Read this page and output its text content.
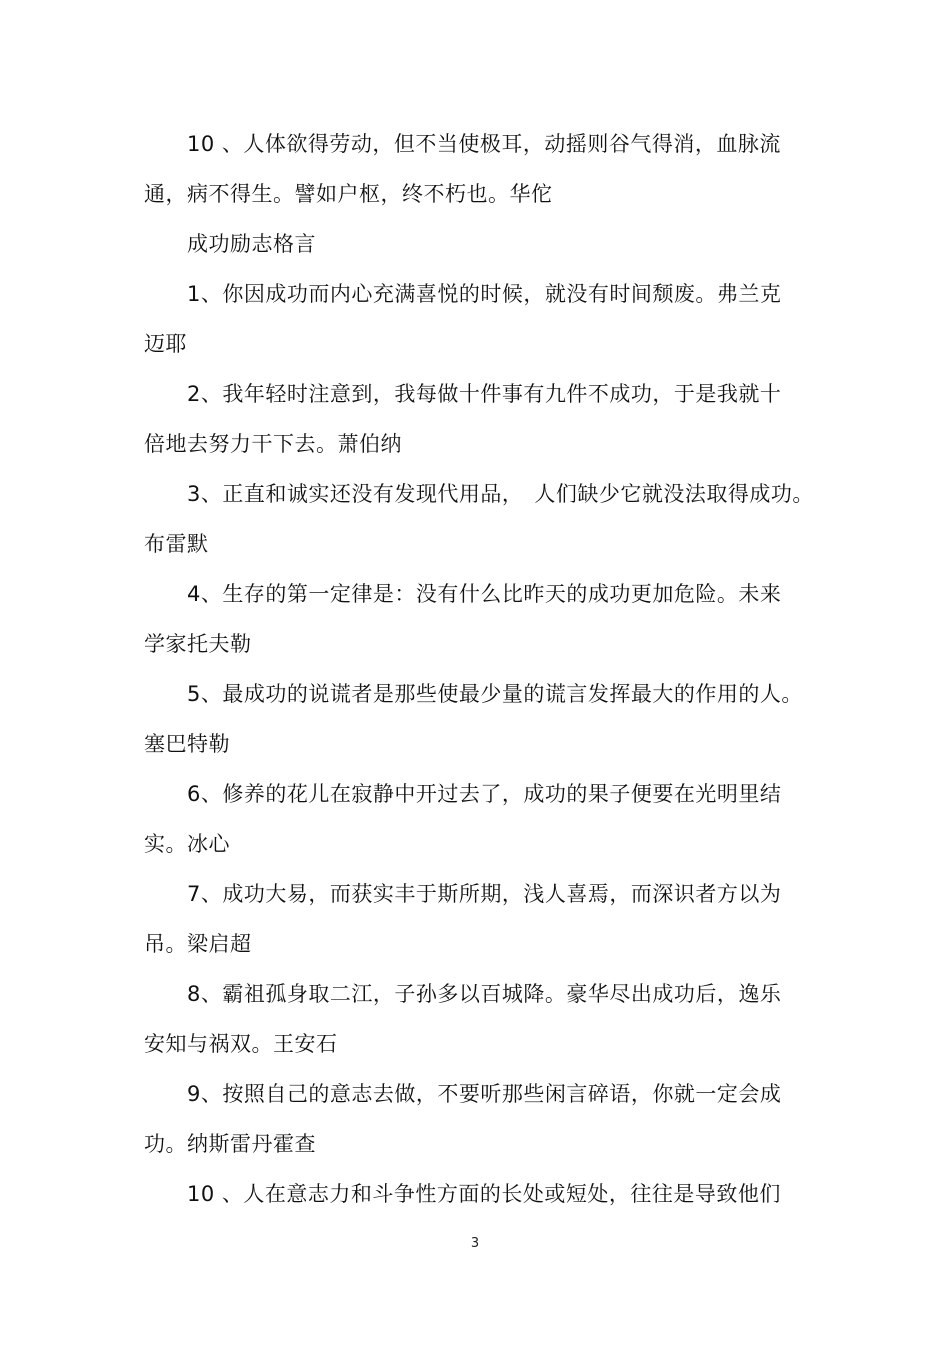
10 、人体欲得劳动，但不当使极耳，动摇则谷气得消，血脉流
通，病不得生。譬如户枢，终不朽也。华佗
成功励志格言
1、你因成功而内心充满喜悦的时候，就没有时间颓废。弗兰克
迈耶
2、我年轻时注意到，我每做十件事有九件不成功，于是我就十
倍地去努力干下去。萧伯纳
3、正直和诚实还没有发现代用品，　人们缺少它就没法取得成功。
布雷默
4、生存的第一定律是：没有什么比昨天的成功更加危险。未来
学家托夫勒
5、最成功的说谎者是那些使最少量的谎言发挥最大的作用的人。
塞巴特勒
6、修养的花儿在寂静中开过去了，成功的果子便要在光明里结
实。冰心
7、成功大易，而获实丰于斯所期，浅人喜焉，而深识者方以为
吊。梁启超
8、霸祖孤身取二江，子孙多以百城降。豪华尽出成功后，逸乐
安知与祸双。王安石
9、按照自己的意志去做，不要听那些闲言碎语，你就一定会成
功。纳斯雷丹霍查
10 、人在意志力和斗争性方面的长处或短处，往往是导致他们
3
